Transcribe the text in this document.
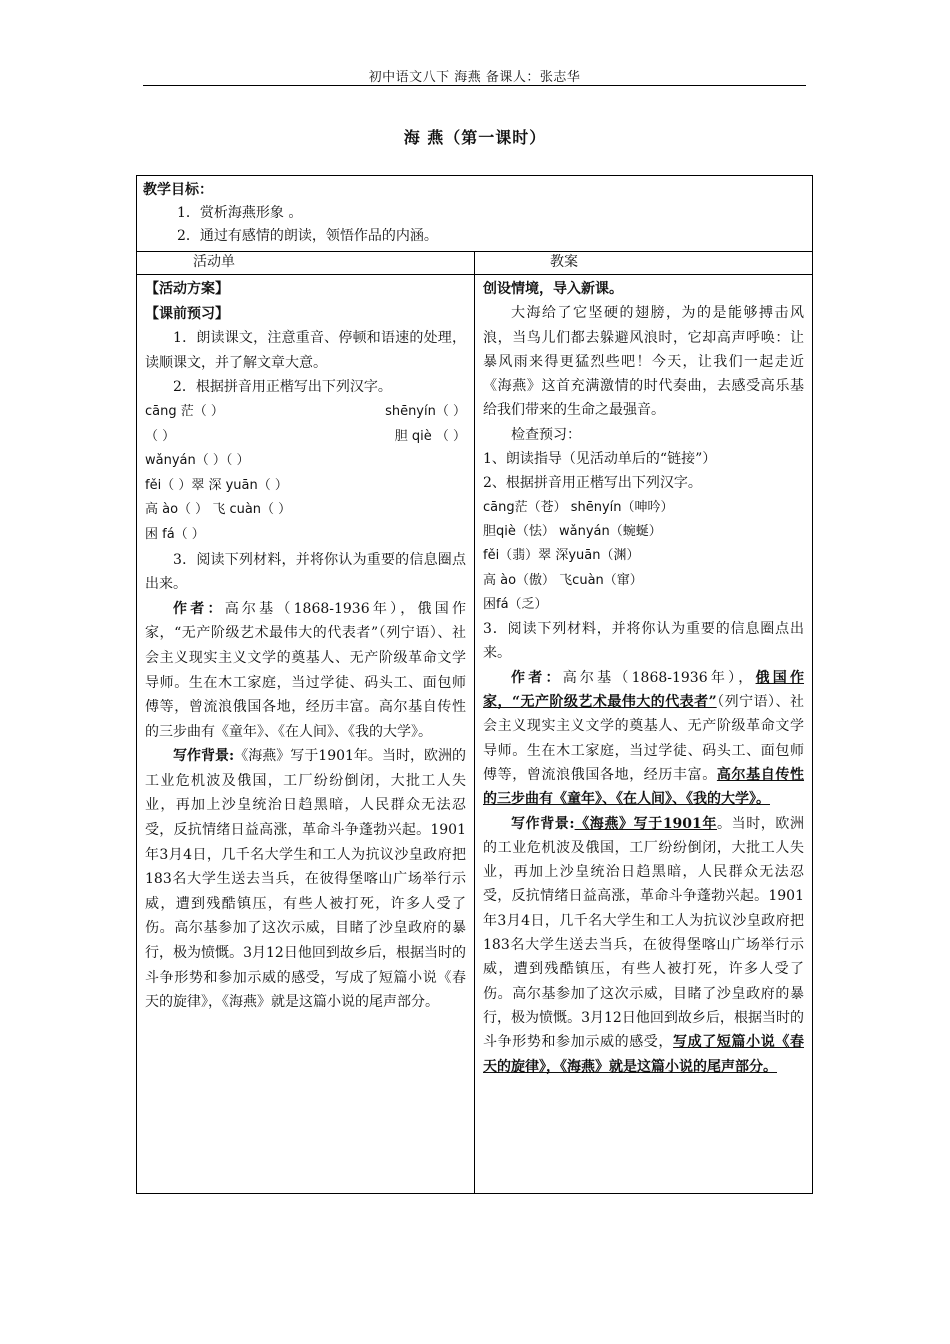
初中语文八下 海燕 备课人：张志华
海 燕（第一课时）
教学目标：
1．赏析海燕形象 。
2．通过有感情的朗读，领悟作品的内涵。
活动单	教案

【活动方案】

【课前预习】

1．朗读课文，注意重音、停顿和语速的处理，读顺课文，并了解文章大意。

2．根据拼音用正楷写出下列汉字。

cāng 茫（ ）	shēnyín（ ）
（ ）	胆 qiè （ ）

wǎnyán（ ）（ ）

fěi（ ）翠 深 yuān（ ）

高 ào（ ） 飞 cuàn（ ）

困 fá（ ）

3．阅读下列材料，并将你认为重要的信息圈点出来。

作者：高尔基（1868-1936年），俄国作家，“无产阶级艺术最伟大的代表者”（列宁语）、社会主义现实主义文学的奠基人、无产阶级革命文学导师。生在木工家庭，当过学徒、码头工、面包师傅等，曾流浪俄国各地，经历丰富。高尔基自传性的三步曲有《童年》、《在人间》、《我的大学》。

写作背景:《海燕》写于1901年。当时，欧洲的工业危机波及俄国，工厂纷纷倒闭，大批工人失业，再加上沙皇统治日趋黑暗，人民群众无法忍受，反抗情绪日益高涨，革命斗争蓬勃兴起。1901年3月4日，几千名大学生和工人为抗议沙皇政府把183名大学生送去当兵，在彼得堡喀山广场举行示威，遭到残酷镇压，有些人被打死，许多人受了伤。高尔基参加了这次示威，目睹了沙皇政府的暴行，极为愤慨。3月12日他回到故乡后，根据当时的斗争形势和参加示威的感受，写成了短篇小说《春天的旋律》，《海燕》就是这篇小说的尾声部分。

创设情境，导入新课。

大海给了它坚硬的翅膀，为的是能够搏击风浪，当鸟儿们都去躲避风浪时，它却高声呼唤：让暴风雨来得更猛烈些吧！今天，让我们一起走近《海燕》这首充满激情的时代奏曲，去感受高乐基给我们带来的生命之最强音。

检查预习：

1、朗读指导（见活动单后的“链接”）

2、根据拼音用正楷写出下列汉字。

cāng茫（苍） shēnyín（呻吟）

胆qiè（怯） wǎnyán（蜿蜒）

fěi（翡）翠 深yuān（渊）

高 ào（傲） 飞cuàn（窜）

困fá（乏）

3．阅读下列材料，并将你认为重要的信息圈点出来。

作者：高尔基（1868-1936年），俄国作家，“无产阶级艺术最伟大的代表者”（列宁语）、社会主义现实主义文学的奠基人、无产阶级革命文学导师。生在木工家庭，当过学徒、码头工、面包师傅等，曾流浪俄国各地，经历丰富。高尔基自传性的三步曲有《童年》、《在人间》、《我的大学》。

写作背景:《海燕》写于1901年。当时，欧洲的工业危机波及俄国，工厂纷纷倒闭，大批工人失业，再加上沙皇统治日趋黑暗，人民群众无法忍受，反抗情绪日益高涨，革命斗争蓬勃兴起。1901年3月4日，几千名大学生和工人为抗议沙皇政府把183名大学生送去当兵，在彼得堡喀山广场举行示威，遭到残酷镇压，有些人被打死，许多人受了伤。高尔基参加了这次示威，目睹了沙皇政府的暴行，极为愤慨。3月12日他回到故乡后，根据当时的斗争形势和参加示威的感受，写成了短篇小说《春天的旋律》，《海燕》就是这篇小说的尾声部分。
